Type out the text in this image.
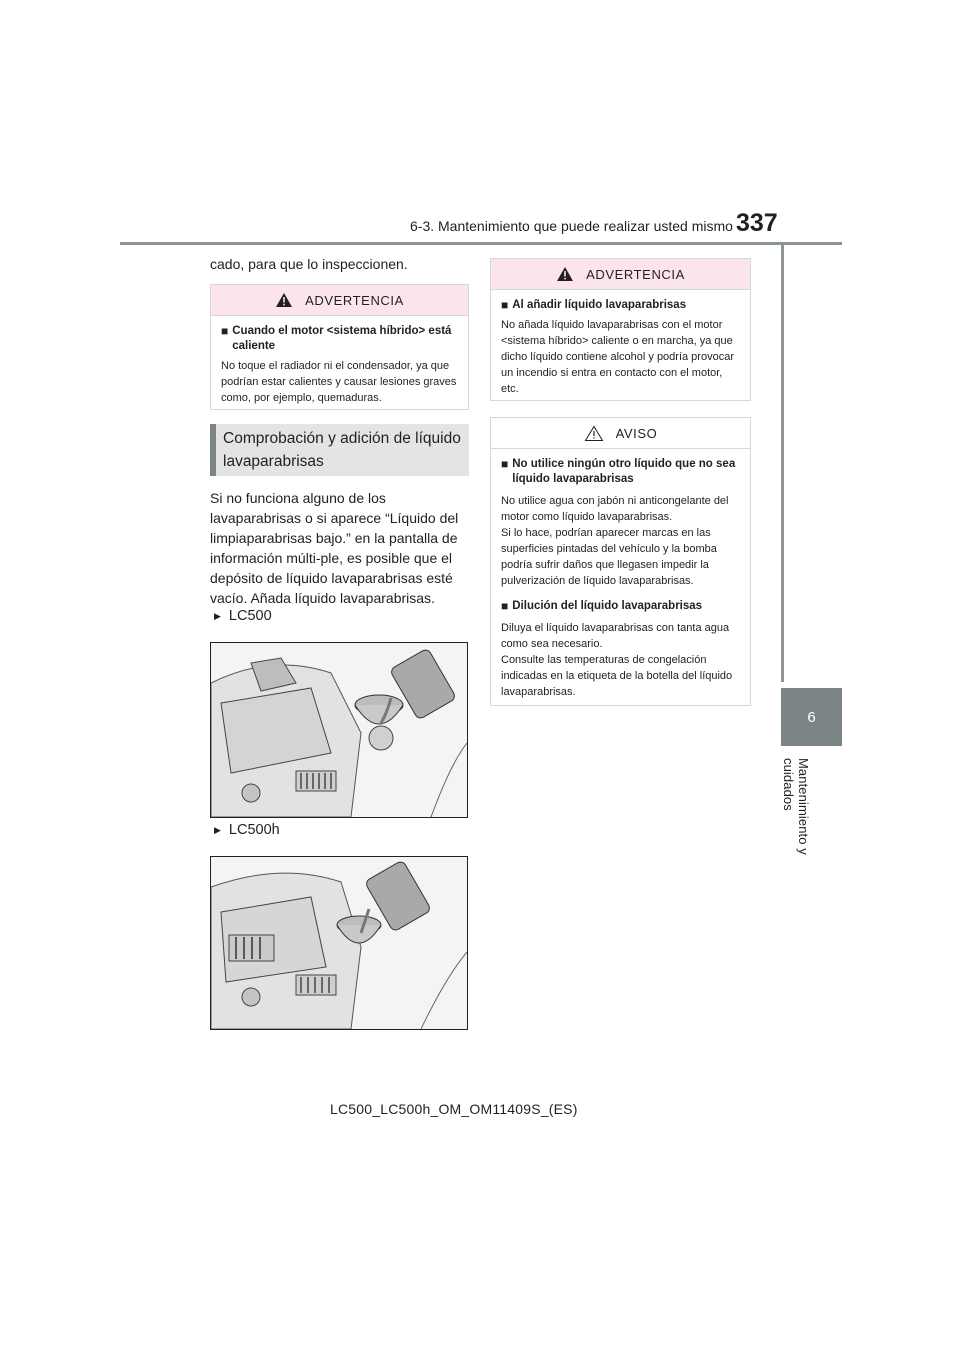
6-3. Mantenimiento que puede realizar usted mismo 337
6
Mantenimiento y cuidados
cado, para que lo inspeccionen.
ADVERTENCIA
■ Cuando el motor <sistema híbrido> está caliente
No toque el radiador ni el condensador, ya que podrían estar calientes y causar lesiones graves como, por ejemplo, quemaduras.
Comprobación y adición de líquido lavaparabrisas
Si no funciona alguno de los lavaparabrisas o si aparece “Líquido del limpiaparabrisas bajo.” en la pantalla de información múlti-ple, es posible que el depósito de líquido lavaparabrisas esté vacío. Añada líquido lavaparabrisas.
▶ LC500
▶ LC500h
ADVERTENCIA
■ Al añadir líquido lavaparabrisas
No añada líquido lavaparabrisas con el motor <sistema híbrido> caliente o en marcha, ya que dicho líquido contiene alcohol y podría provocar un incendio si entra en contacto con el motor, etc.
AVISO
■ No utilice ningún otro líquido que no sea líquido lavaparabrisas
No utilice agua con jabón ni anticongelante del motor como líquido lavaparabrisas.
Si lo hace, podrían aparecer marcas en las superficies pintadas del vehículo y la bomba podría sufrir daños que llegasen impedir la pulverización de líquido lavaparabrisas.
■ Dilución del líquido lavaparabrisas
Diluya el líquido lavaparabrisas con tanta agua como sea necesario.
Consulte las temperaturas de congelación indicadas en la etiqueta de la botella del líquido lavaparabrisas.
LC500_LC500h_OM_OM11409S_(ES)
